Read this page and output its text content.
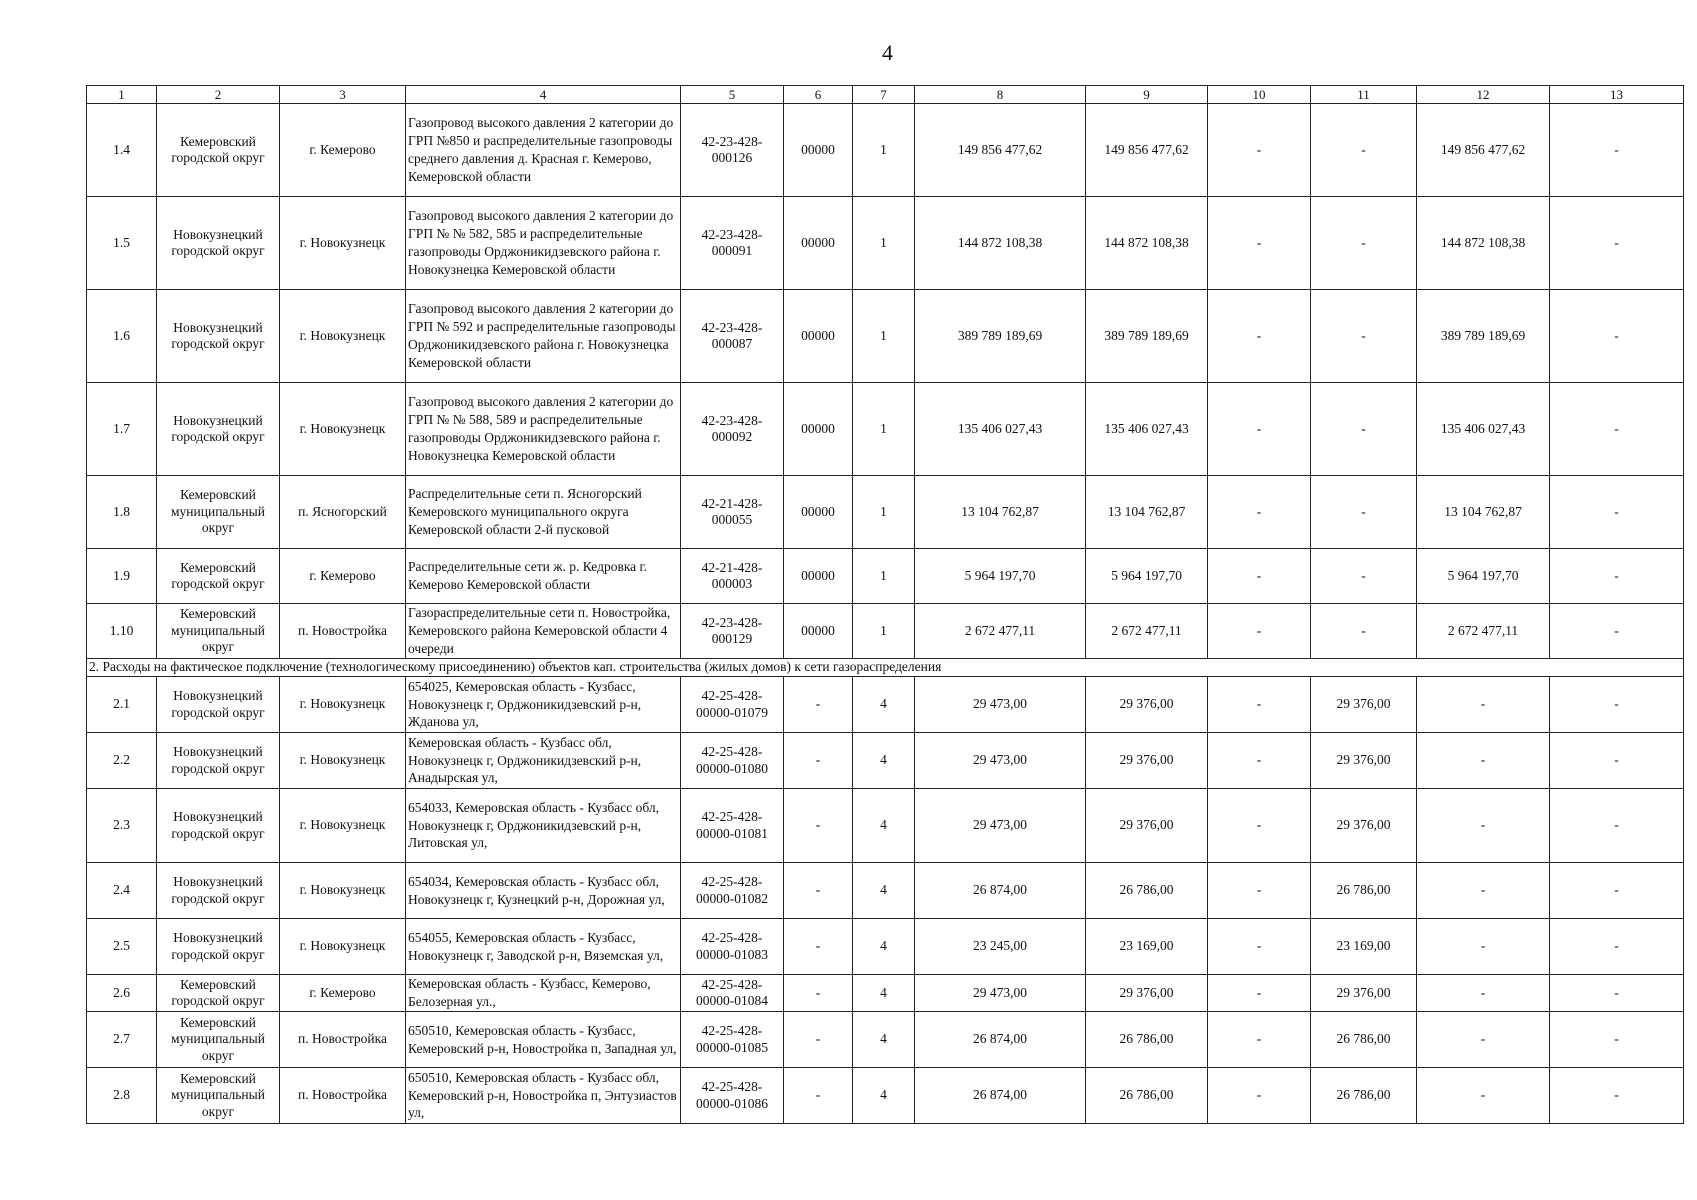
4

1	2	3	4	5	6	7	8	9	10	11	12	13
1.4	Кемеровский городской округ	г. Кемерово	Газопровод высокого давления 2 категории до ГРП №850 и распределительные газопроводы среднего давления д. Красная г. Кемерово, Кемеровской области	42-23-428-000126	00000	1	149 856 477,62	149 856 477,62	-	-	149 856 477,62	-
1.5	Новокузнецкий городской округ	г. Новокузнецк	Газопровод высокого давления 2 категории до ГРП № № 582, 585 и распределительные газопроводы Орджоникидзевского района г. Новокузнецка Кемеровской области	42-23-428-000091	00000	1	144 872 108,38	144 872 108,38	-	-	144 872 108,38	-
1.6	Новокузнецкий городской округ	г. Новокузнецк	Газопровод высокого давления 2 категории до ГРП № 592 и распределительные газопроводы Орджоникидзевского района г. Новокузнецка Кемеровской области	42-23-428-000087	00000	1	389 789 189,69	389 789 189,69	-	-	389 789 189,69	-
1.7	Новокузнецкий городской округ	г. Новокузнецк	Газопровод высокого давления 2 категории до ГРП № № 588, 589 и распределительные газопроводы Орджоникидзевского района г. Новокузнецка Кемеровской области	42-23-428-000092	00000	1	135 406 027,43	135 406 027,43	-	-	135 406 027,43	-
1.8	Кемеровский муниципальный округ	п. Ясногорский	Распределительные сети п. Ясногорский Кемеровского муниципального округа Кемеровской области 2-й пусковой	42-21-428-000055	00000	1	13 104 762,87	13 104 762,87	-	-	13 104 762,87	-
1.9	Кемеровский городской округ	г. Кемерово	Распределительные сети ж. р. Кедровка г. Кемерово Кемеровской области	42-21-428-000003	00000	1	5 964 197,70	5 964 197,70	-	-	5 964 197,70	-
1.10	Кемеровский муниципальный округ	п. Новостройка	Газораспределительные сети п. Новостройка, Кемеровского района Кемеровской области 4 очереди	42-23-428-000129	00000	1	2 672 477,11	2 672 477,11	-	-	2 672 477,11	-
2. Расходы на фактическое подключение (технологическому присоединению) объектов кап. строительства (жилых домов) к сети газораспределения												
2.1	Новокузнецкий городской округ	г. Новокузнецк	654025, Кемеровская область - Кузбасс, Новокузнецк г, Орджоникидзевский р-н, Жданова ул,	42-25-428-00000-01079	-	4	29 473,00	29 376,00	-	29 376,00	-	-
2.2	Новокузнецкий городской округ	г. Новокузнецк	Кемеровская область - Кузбасс обл, Новокузнецк г, Орджоникидзевский р-н, Анадырская ул,	42-25-428-00000-01080	-	4	29 473,00	29 376,00	-	29 376,00	-	-
2.3	Новокузнецкий городской округ	г. Новокузнецк	654033, Кемеровская область - Кузбасс обл, Новокузнецк г, Орджоникидзевский р-н, Литовская ул,	42-25-428-00000-01081	-	4	29 473,00	29 376,00	-	29 376,00	-	-
2.4	Новокузнецкий городской округ	г. Новокузнецк	654034, Кемеровская область - Кузбасс обл, Новокузнецк г, Кузнецкий р-н, Дорожная ул,	42-25-428-00000-01082	-	4	26 874,00	26 786,00	-	26 786,00	-	-
2.5	Новокузнецкий городской округ	г. Новокузнецк	654055, Кемеровская область - Кузбасс, Новокузнецк г, Заводской р-н, Вяземская ул,	42-25-428-00000-01083	-	4	23 245,00	23 169,00	-	23 169,00	-	-
2.6	Кемеровский городской округ	г. Кемерово	Кемеровская область - Кузбасс, Кемерово, Белозерная ул.,	42-25-428-00000-01084	-	4	29 473,00	29 376,00	-	29 376,00	-	-
2.7	Кемеровский муниципальный округ	п. Новостройка	650510, Кемеровская область - Кузбасс, Кемеровский р-н, Новостройка п, Западная ул,	42-25-428-00000-01085	-	4	26 874,00	26 786,00	-	26 786,00	-	-
2.8	Кемеровский муниципальный округ	п. Новостройка	650510, Кемеровская область - Кузбасс обл, Кемеровский р-н, Новостройка п, Энтузиастов ул,	42-25-428-00000-01086	-	4	26 874,00	26 786,00	-	26 786,00	-	-
